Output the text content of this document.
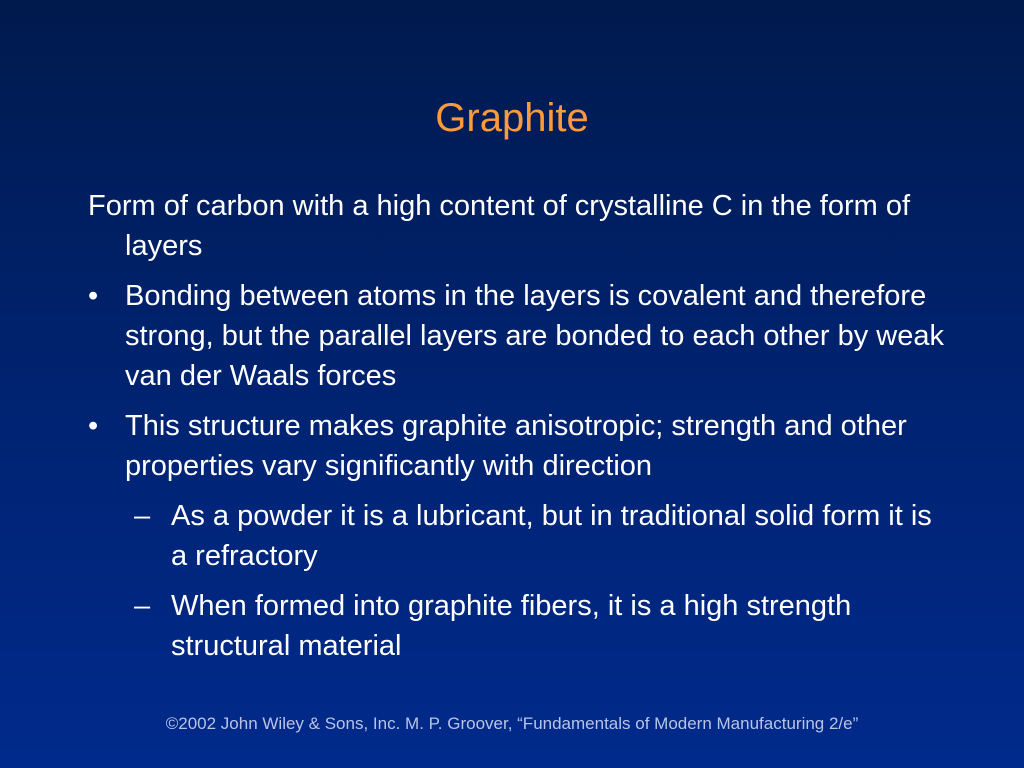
Graphite

Form of carbon with a high content of crystalline C in the form of layers

• Bonding between atoms in the layers is covalent and therefore strong, but the parallel layers are bonded to each other by weak van der Waals forces
• This structure makes graphite anisotropic; strength and other properties vary significantly with direction
– As a powder it is a lubricant, but in traditional solid form it is a refractory
– When formed into graphite fibers, it is a high strength structural material
©2002 John Wiley & Sons, Inc. M. P. Groover, “Fundamentals of Modern Manufacturing 2/e”
